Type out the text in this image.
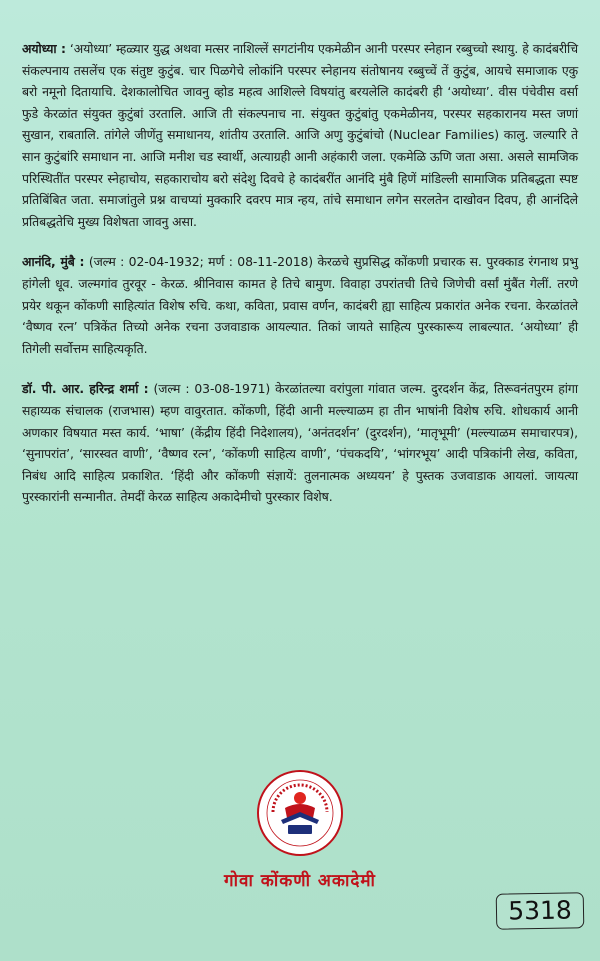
अयोध्या : ‘अयोध्या’ म्हळ्यार युद्ध अथवा मत्सर नाशिल्लें सगटांनीय एकमेळीन आनी परस्पर स्नेहान रब्बुच्चो स्थायु. हे कादंबरीचि संकल्पनाय तसलेंच एक संतुष्ट कुटुंब. चार पिळगेचे लोकांनि परस्पर स्नेहानय संतोषानय रब्बुच्चें तें कुटुंब, आयचे समाजाक एकु बरो नमूनो दितायाचि. देशकालोचित जावनु व्होड महत्व आशिल्ले विषयांतु बरयलेलि कादंबरी ही ‘अयोध्या’. वीस पंचेवीस वर्सा फुडे केरळांत संयुक्त कुटुंबां उरतालि. आजि ती संकल्पनाच ना. संयुक्त कुटुंबांतु एकमेळीनय, परस्पर सहकारानय मस्त जणां सुखान, राबतालि. तांगेले जीणेंतु समाधानय, शांतीय उरतालि. आजि अणु कुटुंबांचो (Nuclear Families) कालु. जल्यारि ते सान कुटुंबांरि समाधान ना. आजि मनीश चड स्वार्थी, अत्याग्रही आनी अहंकारी जला. एकमेळि ऊणि जता असा. असले सामजिक परिस्थितींत परस्पर स्नेहाचोय, सहकाराचोय बरो संदेशु दिवचे हे कादंबरींत आनंदि मुंबै हिणें मांडिल्ली सामाजिक प्रतिबद्धता स्पष्ट प्रतिबिंबित जता. समाजांतुले प्रश्न वाचप्यां मुक्कारि दवरप मात्र न्हय, तांचे समाधान लगेन सरलतेन दाखोवन दिवप, ही आनंदिले प्रतिबद्धतेचि मुख्य विशेषता जावनु असा.

आनंदि, मुंबै : (जल्म : 02-04-1932; मर्ण : 08-11-2018) केरळचे सुप्रसिद्ध कोंकणी प्रचारक स. पुरक्काड रंगनाथ प्रभु हांगेली धूव. जल्मगांव तुरवूर - केरळ. श्रीनिवास कामत हे तिचे बामुण. विवाहा उपरांतची तिचे जिणेची वर्सां मुंबैंत गेलीं. तरणे प्रयेर थकून कोंकणी साहित्यांत विशेष रुचि. कथा, कविता, प्रवास वर्णन, कादंबरी ह्या साहित्य प्रकारांत अनेक रचना. केरळांतले ‘वैष्णव रत्न’ पत्रिकेंत तिच्यो अनेक रचना उजवाडाक आयल्यात. तिकां जायते साहित्य पुरस्कारूय लाबल्यात. ‘अयोध्या’ ही तिगेली सर्वोत्तम साहित्यकृति.

डॉ. पी. आर. हरिन्द्र शर्मा : (जल्म : 03-08-1971) केरळांतल्या वरांपुला गांवात जल्म. दुरदर्शन केंद्र, तिरूवनंतपुरम हांगा सहाय्यक संचालक (राजभास) म्हण वावुरतात. कोंकणी, हिंदी आनी मल्ल्याळम हा तीन भाषांनी विशेष रुचि. शोधकार्य आनी अणकार विषयात मस्त कार्य. ‘भाषा’ (केंद्रीय हिंदी निदेशालय), ‘अनंतदर्शन’ (दुरदर्शन), ‘मातृभूमी’ (मल्ल्याळम समाचारपत्र), ‘सुनापरांत’, ‘सारस्वत वाणी’, ‘वैष्णव रत्न’, ‘कोंकणी साहित्य वाणी’, ‘पंचकदयि’, ‘भांगरभूय’ आदी पत्रिकांनी लेख, कविता, निबंध आदि साहित्य प्रकाशित. ‘हिंदी और कोंकणी संज्ञायें: तुलनात्मक अध्ययन’ हे पुस्तक उजवाडाक आयलां. जायत्या पुरस्कारांनी सन्मानीत. तेमदीं केरळ साहित्य अकादेमीचो पुरस्कार विशेष.

गोवा कोंकणी अकादेमी
5318
